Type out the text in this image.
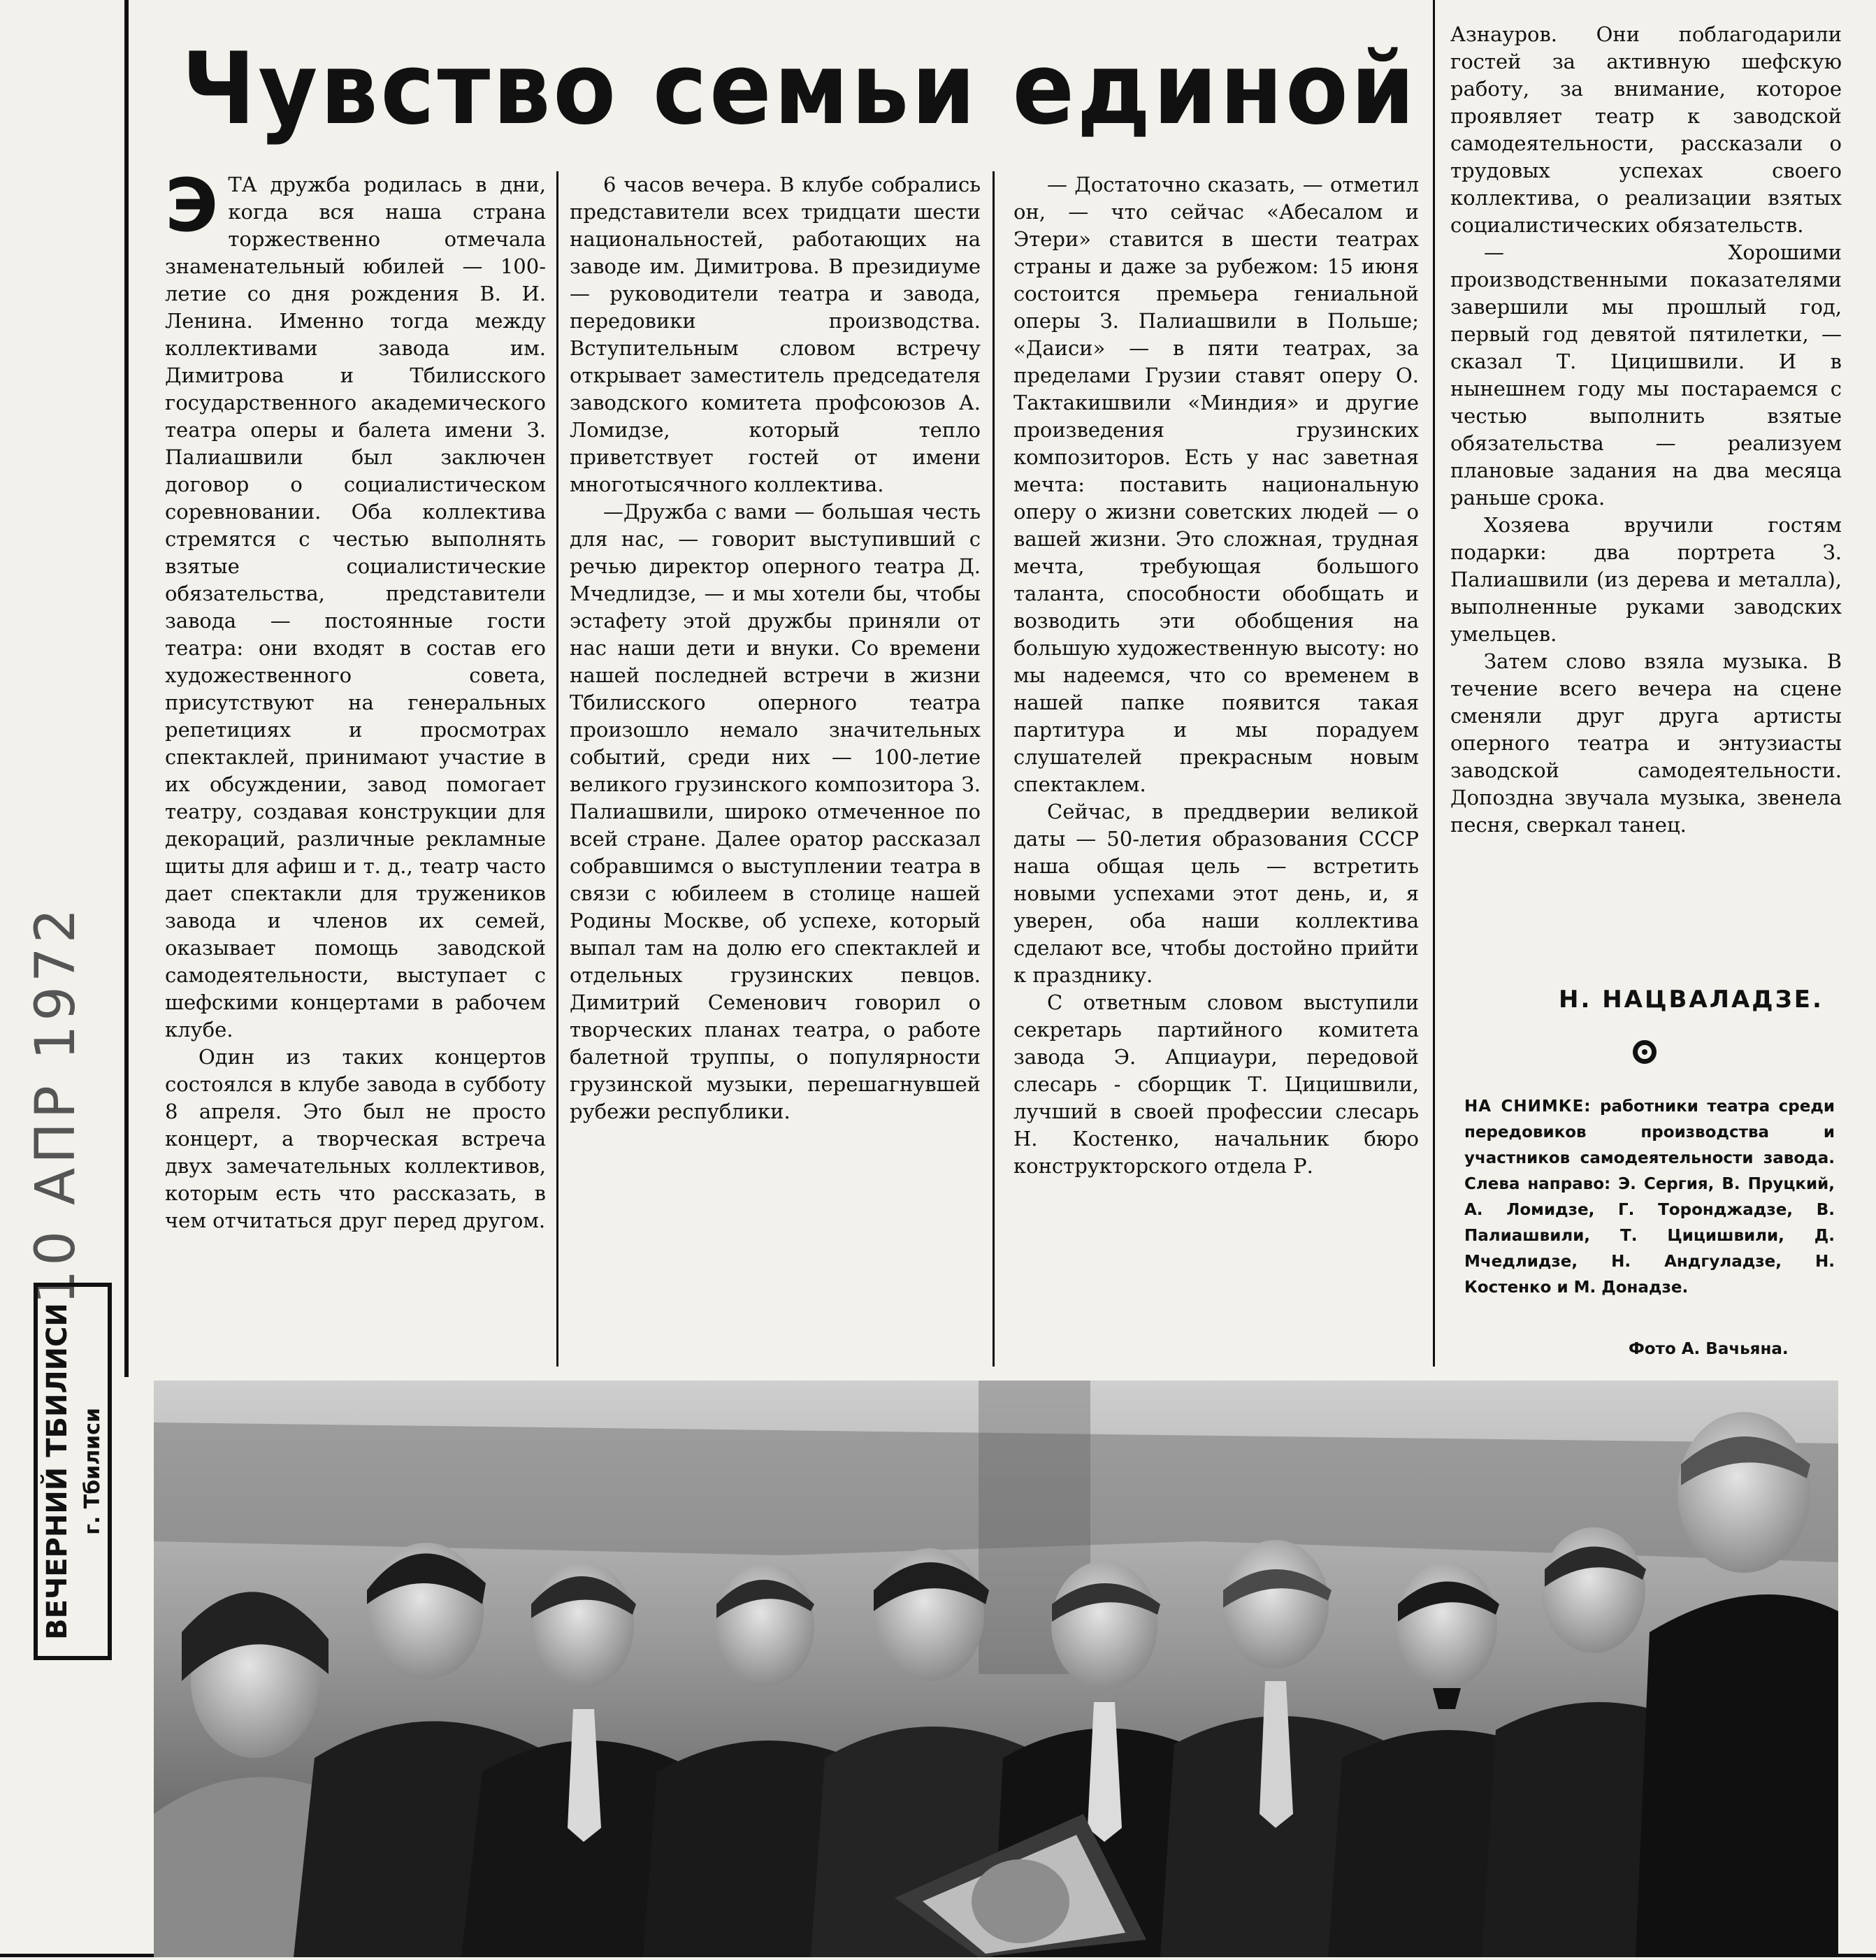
10 АПР 1972
ВЕЧЕРНИЙ ТБИЛИСИ г. Тбилиси
Чувство семьи единой

ЭТА дружба родилась в дни, когда вся наша страна торжественно отмечала знаменательный юбилей — 100-летие со дня рождения В. И. Ленина. Именно тогда между коллективами завода им. Димитрова и Тбилисского государственного академического театра оперы и балета имени З. Палиашвили был заключен договор о социалистическом соревновании. Оба коллектива стремятся с честью выполнять взятые социалистические обязательства, представители завода — постоянные гости театра: они входят в состав его художественного совета, присутствуют на генеральных репетициях и просмотрах спектаклей, принимают участие в их обсуждении, завод помогает театру, создавая конструкции для декораций, различные рекламные щиты для афиш и т. д., театр часто дает спектакли для тружеников завода и членов их семей, оказывает помощь заводской самодеятельности, выступает с шефскими концертами в рабочем клубе.

Один из таких концертов состоялся в клубе завода в субботу 8 апреля. Это был не просто концерт, а творческая встреча двух замечательных коллективов, которым есть что рассказать, в чем отчитаться друг перед другом.

6 часов вечера. В клубе собрались представители всех тридцати шести национальностей, работающих на заводе им. Димитрова. В президиуме — руководители театра и завода, передовики производства. Вступительным словом встречу открывает заместитель председателя заводского комитета профсоюзов А. Ломидзе, который тепло приветствует гостей от имени многотысячного коллектива.

—Дружба с вами — большая честь для нас, — говорит выступивший с речью директор оперного театра Д. Мчедлидзе, — и мы хотели бы, чтобы эстафету этой дружбы приняли от нас наши дети и внуки. Со времени нашей последней встречи в жизни Тбилисского оперного театра произошло немало значительных событий, среди них — 100-летие великого грузинского композитора З. Палиашвили, широко отмеченное по всей стране. Далее оратор рассказал собравшимся о выступлении театра в связи с юбилеем в столице нашей Родины Москве, об успехе, который выпал там на долю его спектаклей и отдельных грузинских певцов. Димитрий Семенович говорил о творческих планах театра, о работе балетной труппы, о популярности грузинской музыки, перешагнувшей рубежи республики.

— Достаточно сказать, — отметил он, — что сейчас «Абесалом и Этери» ставится в шести театрах страны и даже за рубежом: 15 июня состоится премьера гениальной оперы З. Палиашвили в Польше; «Даиси» — в пяти театрах, за пределами Грузии ставят оперу О. Тактакишвили «Миндия» и другие произведения грузинских композиторов. Есть у нас заветная мечта: поставить национальную оперу о жизни советских людей — о вашей жизни. Это сложная, трудная мечта, требующая большого таланта, способности обобщать и возводить эти обобщения на большую художественную высоту: но мы надеемся, что со временем в нашей папке появится такая партитура и мы порадуем слушателей прекрасным новым спектаклем.

Сейчас, в преддверии великой даты — 50-летия образования СССР наша общая цель — встретить новыми успехами этот день, и, я уверен, оба наши коллектива сделают все, чтобы достойно прийти к празднику.

С ответным словом выступили секретарь партийного комитета завода Э. Апциаури, передовой слесарь - сборщик Т. Цицишвили, лучший в своей профессии слесарь Н. Костенко, начальник бюро конструкторского отдела Р.

Азнауров. Они поблагодарили гостей за активную шефскую работу, за внимание, которое проявляет театр к заводской самодеятельности, рассказали о трудовых успехах своего коллектива, о реализации взятых социалистических обязательств.

— Хорошими производственными показателями завершили мы прошлый год, первый год девятой пятилетки, — сказал Т. Цицишвили. И в нынешнем году мы постараемся с честью выполнить взятые обязательства — реализуем плановые задания на два месяца раньше срока.

Хозяева вручили гостям подарки: два портрета З. Палиашвили (из дерева и металла), выполненные руками заводских умельцев.

Затем слово взяла музыка. В течение всего вечера на сцене сменяли друг друга артисты оперного театра и энтузиасты заводской самодеятельности. Допоздна звучала музыка, звенела песня, сверкал танец.

Н. НАЦВАЛАДЗЕ.
НА СНИМКЕ: работники театра среди передовиков производства и участников самодеятельности завода. Слева направо: Э. Сергия, В. Пруцкий, А. Ломидзе, Г. Торонджадзе, В. Палиашвили, Т. Цицишвили, Д. Мчедлидзе, Н. Андгуладзе, Н. Костенко и М. Донадзе.
Фото А. Вачьяна.
